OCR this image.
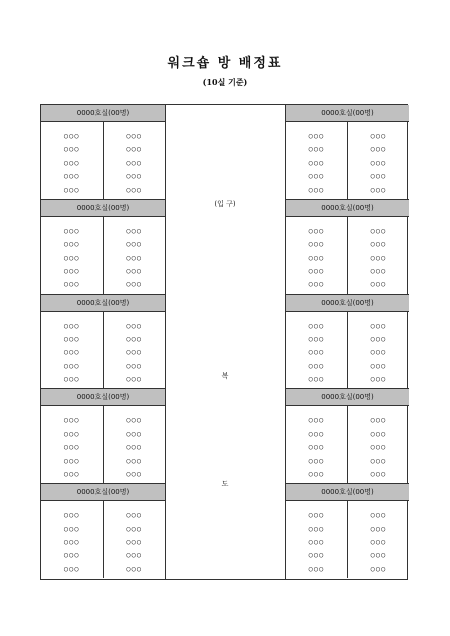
워크숍 방 배정표
(10실 기준)
0000호실(00명)
○○○
○○○
○○○
○○○
○○○
○○○
○○○
○○○
○○○
○○○
0000호실(00명)
○○○
○○○
○○○
○○○
○○○
○○○
○○○
○○○
○○○
○○○
0000호실(00명)
○○○
○○○
○○○
○○○
○○○
○○○
○○○
○○○
○○○
○○○
0000호실(00명)
○○○
○○○
○○○
○○○
○○○
○○○
○○○
○○○
○○○
○○○
0000호실(00명)
○○○
○○○
○○○
○○○
○○○
○○○
○○○
○○○
○○○
○○○
0000호실(00명)
○○○
○○○
○○○
○○○
○○○
○○○
○○○
○○○
○○○
○○○
0000호실(00명)
○○○
○○○
○○○
○○○
○○○
○○○
○○○
○○○
○○○
○○○
0000호실(00명)
○○○
○○○
○○○
○○○
○○○
○○○
○○○
○○○
○○○
○○○
0000호실(00명)
○○○
○○○
○○○
○○○
○○○
○○○
○○○
○○○
○○○
○○○
0000호실(00명)
○○○
○○○
○○○
○○○
○○○
○○○
○○○
○○○
○○○
○○○
(입 구)
복
도
